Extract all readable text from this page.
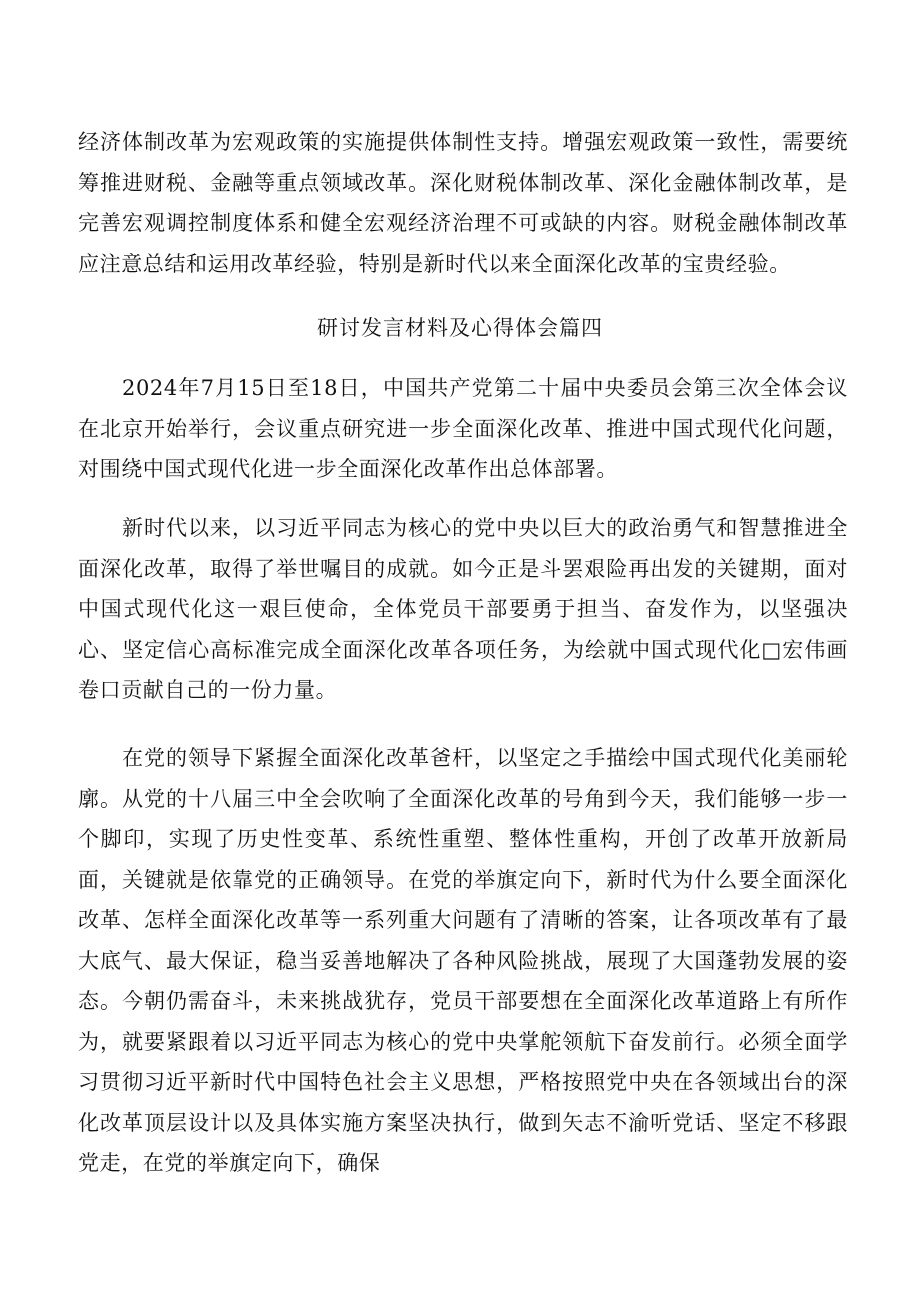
经济体制改革为宏观政策的实施提供体制性支持。增强宏观政策一致性，需要统筹推进财税、金融等重点领域改革。深化财税体制改革、深化金融体制改革，是完善宏观调控制度体系和健全宏观经济治理不可或缺的内容。财税金融体制改革应注意总结和运用改革经验，特别是新时代以来全面深化改革的宝贵经验。

研讨发言材料及心得体会篇四

2024年7月15日至18日，中国共产党第二十届中央委员会第三次全体会议在北京开始举行，会议重点研究进一步全面深化改革、推进中国式现代化问题，对围绕中国式现代化进一步全面深化改革作出总体部署。

新时代以来，以习近平同志为核心的党中央以巨大的政治勇气和智慧推进全面深化改革，取得了举世嘱目的成就。如今正是斗罢艰险再出发的关键期，面对中国式现代化这一艰巨使命，全体党员干部要勇于担当、奋发作为，以坚强决心、坚定信心高标准完成全面深化改革各项任务，为绘就中国式现代化□宏伟画卷口贡献自己的一份力量。

在党的领导下紧握全面深化改革爸杆，以坚定之手描绘中国式现代化美丽轮廓。从党的十八届三中全会吹响了全面深化改革的号角到今天，我们能够一步一个脚印，实现了历史性变革、系统性重塑、整体性重构，开创了改革开放新局面，关键就是依靠党的正确领导。在党的举旗定向下，新时代为什么要全面深化改革、怎样全面深化改革等一系列重大问题有了清晰的答案，让各项改革有了最大底气、最大保证，稳当妥善地解决了各种风险挑战，展现了大国蓬勃发展的姿态。今朝仍需奋斗，未来挑战犹存，党员干部要想在全面深化改革道路上有所作为，就要紧跟着以习近平同志为核心的党中央掌舵领航下奋发前行。必须全面学习贯彻习近平新时代中国特色社会主义思想，严格按照党中央在各领域出台的深化改革顶层设计以及具体实施方案坚决执行，做到矢志不渝听党话、坚定不移跟党走，在党的举旗定向下，确保
